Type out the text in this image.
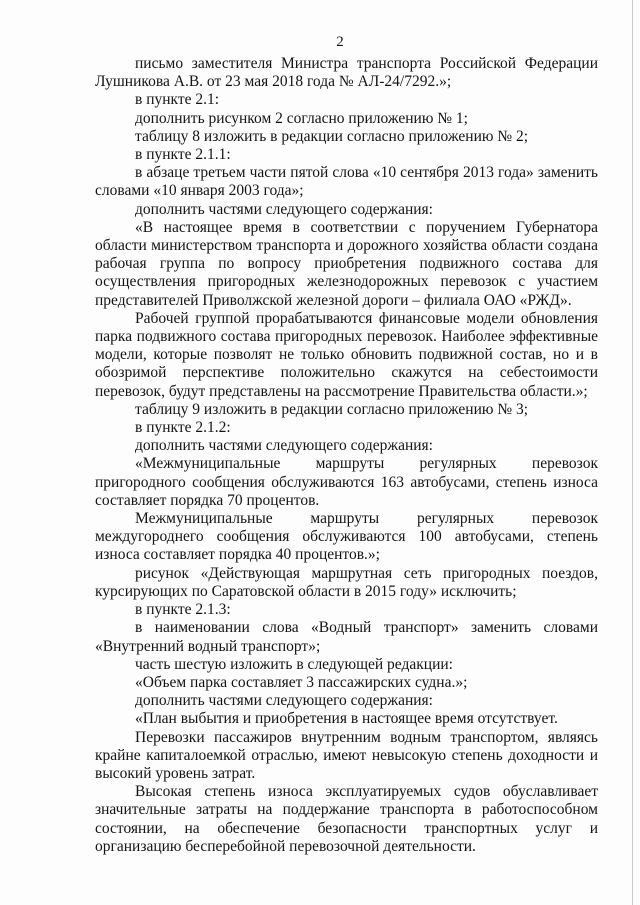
2

письмо заместителя Министра транспорта Российской Федерации Лушникова А.В. от 23 мая 2018 года № АЛ-24/7292.»;

в пункте 2.1:

дополнить рисунком 2 согласно приложению № 1;

таблицу 8 изложить в редакции согласно приложению № 2;

в пункте 2.1.1:

в абзаце третьем части пятой слова «10 сентября 2013 года» заменить словами «10 января 2003 года»;

дополнить частями следующего содержания:

«В настоящее время в соответствии с поручением Губернатора области министерством транспорта и дорожного хозяйства области создана рабочая группа по вопросу приобретения подвижного состава для осуществления пригородных железнодорожных перевозок с участием представителей Приволжской железной дороги – филиала ОАО «РЖД».

Рабочей группой прорабатываются финансовые модели обновления парка подвижного состава пригородных перевозок. Наиболее эффективные модели, которые позволят не только обновить подвижной состав, но и в обозримой перспективе положительно скажутся на себестоимости перевозок, будут представлены на рассмотрение Правительства области.»;

таблицу 9 изложить в редакции согласно приложению № 3;

в пункте 2.1.2:

дополнить частями следующего содержания:

«Межмуниципальные маршруты регулярных перевозок пригородного сообщения обслуживаются 163 автобусами, степень износа составляет порядка 70 процентов.

Межмуниципальные маршруты регулярных перевозок междугороднего сообщения обслуживаются 100 автобусами, степень износа составляет порядка 40 процентов.»;

рисунок «Действующая маршрутная сеть пригородных поездов, курсирующих по Саратовской области в 2015 году» исключить;

в пункте 2.1.3:

в наименовании слова «Водный транспорт» заменить словами «Внутренний водный транспорт»;

часть шестую изложить в следующей редакции:

«Объем парка составляет 3 пассажирских судна.»;

дополнить частями следующего содержания:

«План выбытия и приобретения в настоящее время отсутствует.

Перевозки пассажиров внутренним водным транспортом, являясь крайне капиталоемкой отраслью, имеют невысокую степень доходности и высокий уровень затрат.

Высокая степень износа эксплуатируемых судов обуславливает значительные затраты на поддержание транспорта в работоспособном состоянии, на обеспечение безопасности транспортных услуг и организацию бесперебойной перевозочной деятельности.
